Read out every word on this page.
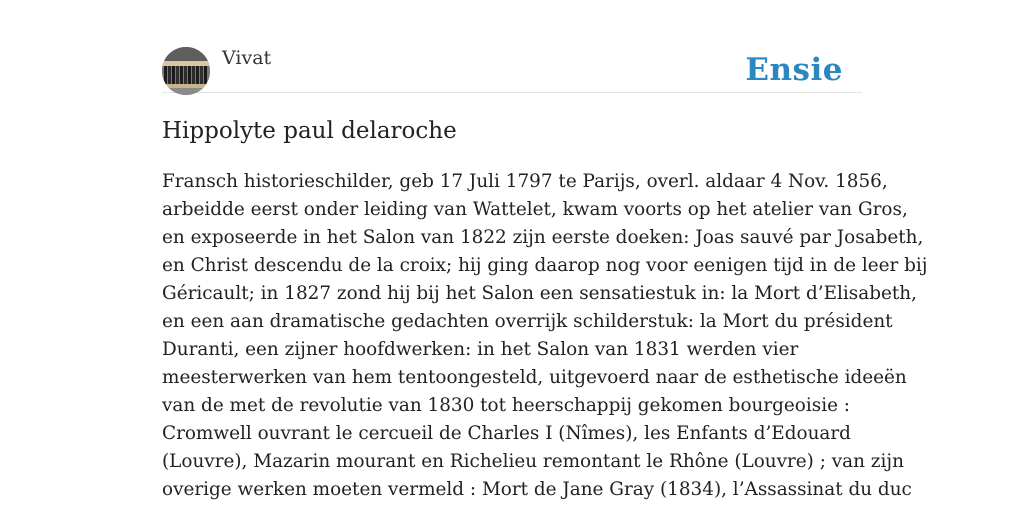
Vivat	Ensie
Hippolyte paul delaroche

Fransch historieschilder, geb 17 Juli 1797 te Parijs, overl. aldaar 4 Nov. 1856,
arbeidde eerst onder leiding van Wattelet, kwam voorts op het atelier van Gros,
en exposeerde in het Salon van 1822 zijn eerste doeken: Joas sauvé par Josabeth,
en Christ descendu de la croix; hij ging daarop nog voor eenigen tijd in de leer bij
Géricault; in 1827 zond hij bij het Salon een sensatiestuk in: la Mort d’Elisabeth,
en een aan dramatische gedachten overrijk schilderstuk: la Mort du président
Duranti, een zijner hoofdwerken: in het Salon van 1831 werden vier
meesterwerken van hem tentoongesteld, uitgevoerd naar de esthetische ideeën
van de met de revolutie van 1830 tot heerschappij gekomen bourgeoisie :
Cromwell ouvrant le cercueil de Charles I (Nîmes), les Enfants d’Edouard
(Louvre), Mazarin mourant en Richelieu remontant le Rhône (Louvre) ; van zijn
overige werken moeten vermeld : Mort de Jane Gray (1834), l’Assassinat du duc
